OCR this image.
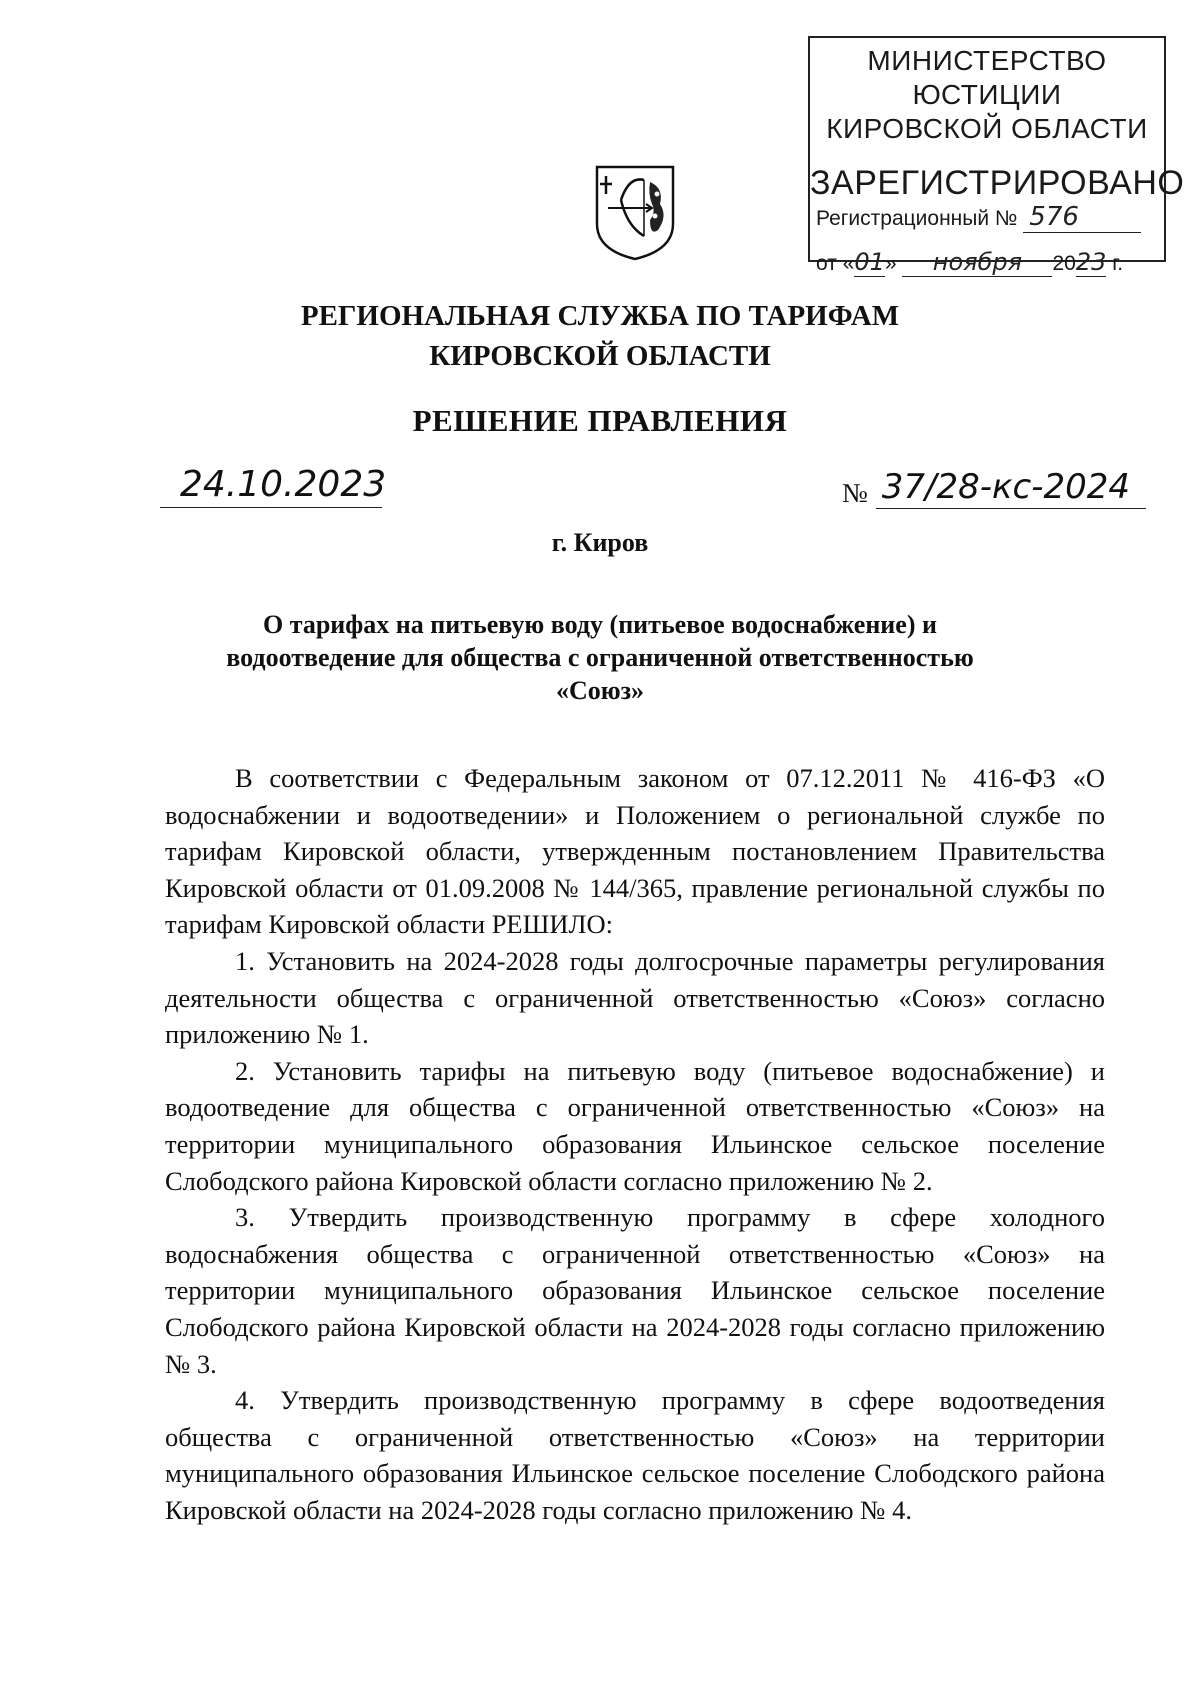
МИНИСТЕРСТВО ЮСТИЦИИ
КИРОВСКОЙ ОБЛАСТИ
ЗАРЕГИСТРИРОВАНО
Регистрационный № 576
от «01» ноября 2023 г.
РЕГИОНАЛЬНАЯ СЛУЖБА ПО ТАРИФАМ
КИРОВСКОЙ ОБЛАСТИ
РЕШЕНИЕ ПРАВЛЕНИЯ
24.10.2023	№ 37/28-кс-2024
г. Киров
О тарифах на питьевую воду (питьевое водоснабжение) и
водоотведение для общества с ограниченной ответственностью
«Союз»

В соответствии с Федеральным законом от 07.12.2011 № 416-ФЗ «О водоснабжении и водоотведении» и Положением о региональной службе по тарифам Кировской области, утвержденным постановлением Правительства Кировской области от 01.09.2008 № 144/365, правление региональной службы по тарифам Кировской области РЕШИЛО:

1. Установить на 2024-2028 годы долгосрочные параметры регулирования деятельности общества с ограниченной ответственностью «Союз» согласно приложению № 1.

2. Установить тарифы на питьевую воду (питьевое водоснабжение) и водоотведение для общества с ограниченной ответственностью «Союз» на территории муниципального образования Ильинское сельское поселение Слободского района Кировской области согласно приложению № 2.

3. Утвердить производственную программу в сфере холодного водоснабжения общества с ограниченной ответственностью «Союз» на территории муниципального образования Ильинское сельское поселение Слободского района Кировской области на 2024-2028 годы согласно приложению № 3.

4. Утвердить производственную программу в сфере водоотведения общества с ограниченной ответственностью «Союз» на территории муниципального образования Ильинское сельское поселение Слободского района Кировской области на 2024-2028 годы согласно приложению № 4.
